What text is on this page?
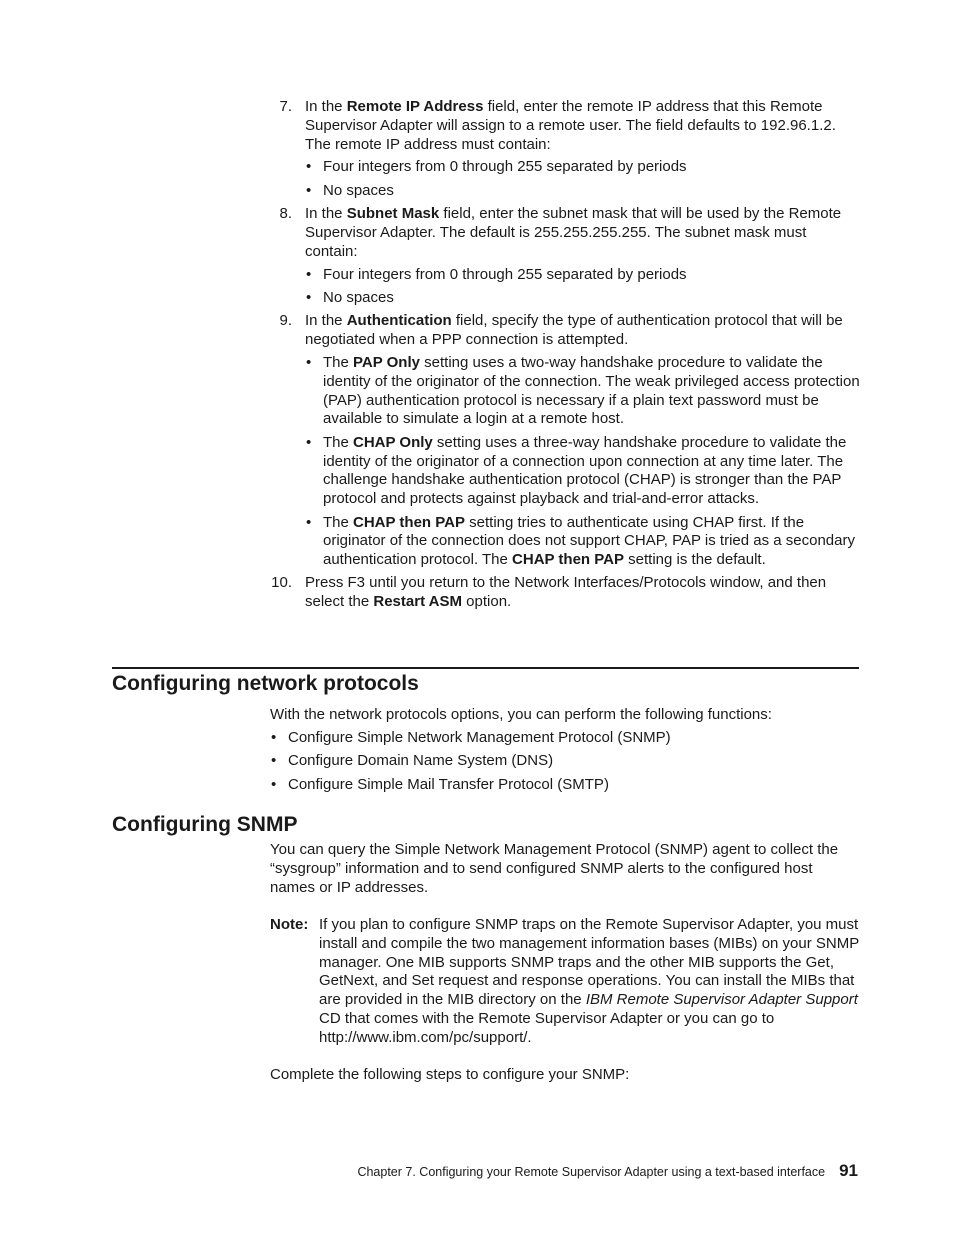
7. In the Remote IP Address field, enter the remote IP address that this Remote Supervisor Adapter will assign to a remote user. The field defaults to 192.96.1.2. The remote IP address must contain:
• Four integers from 0 through 255 separated by periods
• No spaces
8. In the Subnet Mask field, enter the subnet mask that will be used by the Remote Supervisor Adapter. The default is 255.255.255.255. The subnet mask must contain:
• Four integers from 0 through 255 separated by periods
• No spaces
9. In the Authentication field, specify the type of authentication protocol that will be negotiated when a PPP connection is attempted.
• The PAP Only setting uses a two-way handshake procedure to validate the identity of the originator of the connection. The weak privileged access protection (PAP) authentication protocol is necessary if a plain text password must be available to simulate a login at a remote host.
• The CHAP Only setting uses a three-way handshake procedure to validate the identity of the originator of a connection upon connection at any time later. The challenge handshake authentication protocol (CHAP) is stronger than the PAP protocol and protects against playback and trial-and-error attacks.
• The CHAP then PAP setting tries to authenticate using CHAP first. If the originator of the connection does not support CHAP, PAP is tried as a secondary authentication protocol. The CHAP then PAP setting is the default.
10. Press F3 until you return to the Network Interfaces/Protocols window, and then select the Restart ASM option.
Configuring network protocols

With the network protocols options, you can perform the following functions:

• Configure Simple Network Management Protocol (SNMP)
• Configure Domain Name System (DNS)
• Configure Simple Mail Transfer Protocol (SMTP)
Configuring SNMP

You can query the Simple Network Management Protocol (SNMP) agent to collect the “sysgroup” information and to send configured SNMP alerts to the configured host names or IP addresses.

Note: If you plan to configure SNMP traps on the Remote Supervisor Adapter, you must install and compile the two management information bases (MIBs) on your SNMP manager. One MIB supports SNMP traps and the other MIB supports the Get, GetNext, and Set request and response operations. You can install the MIBs that are provided in the MIB directory on the IBM Remote Supervisor Adapter Support CD that comes with the Remote Supervisor Adapter or you can go to http://www.ibm.com/pc/support/.

Complete the following steps to configure your SNMP:

Chapter 7. Configuring your Remote Supervisor Adapter using a text-based interface 91
